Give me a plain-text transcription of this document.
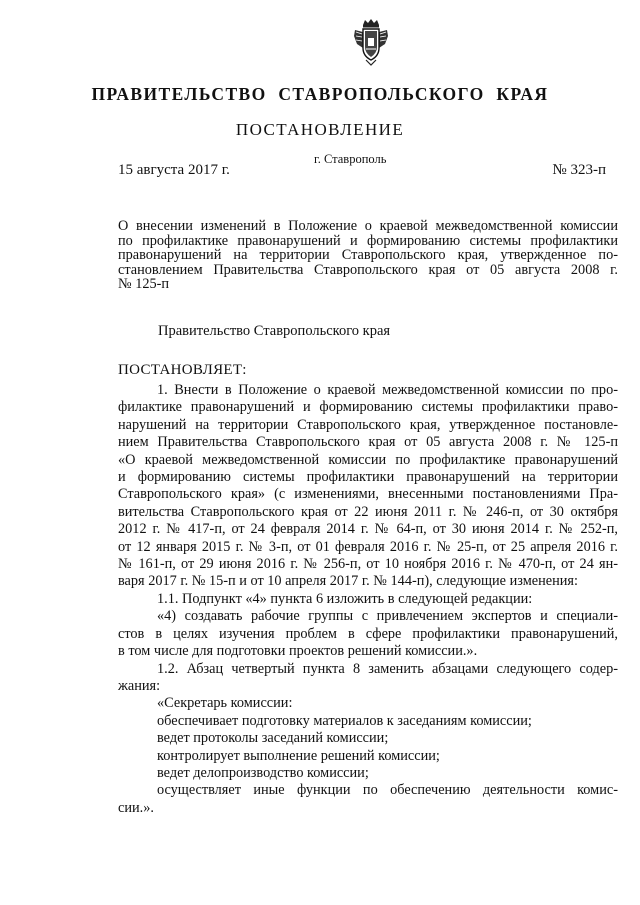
ПРАВИТЕЛЬСТВО СТАВРОПОЛЬСКОГО КРАЯ
ПОСТАНОВЛЕНИЕ
15 августа 2017 г.
г. Ставрополь
№ 323-п
О внесении изменений в Положение о краевой межведомственной комиссии
по профилактике правонарушений и формированию системы профилактики
правонарушений на территории Ставропольского края, утвержденное по-
становлением Правительства Ставропольского края от 05 августа 2008 г.
№ 125-п
Правительство Ставропольского края
ПОСТАНОВЛЯЕТ:
1. Внести в Положение о краевой межведомственной комиссии по про-
филактике правонарушений и формированию системы профилактики право-
нарушений на территории Ставропольского края, утвержденное постановле-
нием Правительства Ставропольского края от 05 августа 2008 г. № 125-п
«О краевой межведомственной комиссии по профилактике правонарушений
и формированию системы профилактики правонарушений на территории
Ставропольского края» (с изменениями, внесенными постановлениями Пра-
вительства Ставропольского края от 22 июня 2011 г. № 246-п, от 30 октября
2012 г. № 417-п, от 24 февраля 2014 г. № 64-п, от 30 июня 2014 г. № 252-п,
от 12 января 2015 г. № 3-п, от 01 февраля 2016 г. № 25-п, от 25 апреля 2016 г.
№ 161-п, от 29 июня 2016 г. № 256-п, от 10 ноября 2016 г. № 470-п, от 24 ян-
варя 2017 г. № 15-п и от 10 апреля 2017 г. № 144-п), следующие изменения:
1.1. Подпункт «4» пункта 6 изложить в следующей редакции:
«4) создавать рабочие группы с привлечением экспертов и специали-
стов в целях изучения проблем в сфере профилактики правонарушений,
в том числе для подготовки проектов решений комиссии.».
1.2. Абзац четвертый пункта 8 заменить абзацами следующего содер-
жания:
«Секретарь комиссии:
обеспечивает подготовку материалов к заседаниям комиссии;
ведет протоколы заседаний комиссии;
контролирует выполнение решений комиссии;
ведет делопроизводство комиссии;
осуществляет иные функции по обеспечению деятельности комис-
сии.».
